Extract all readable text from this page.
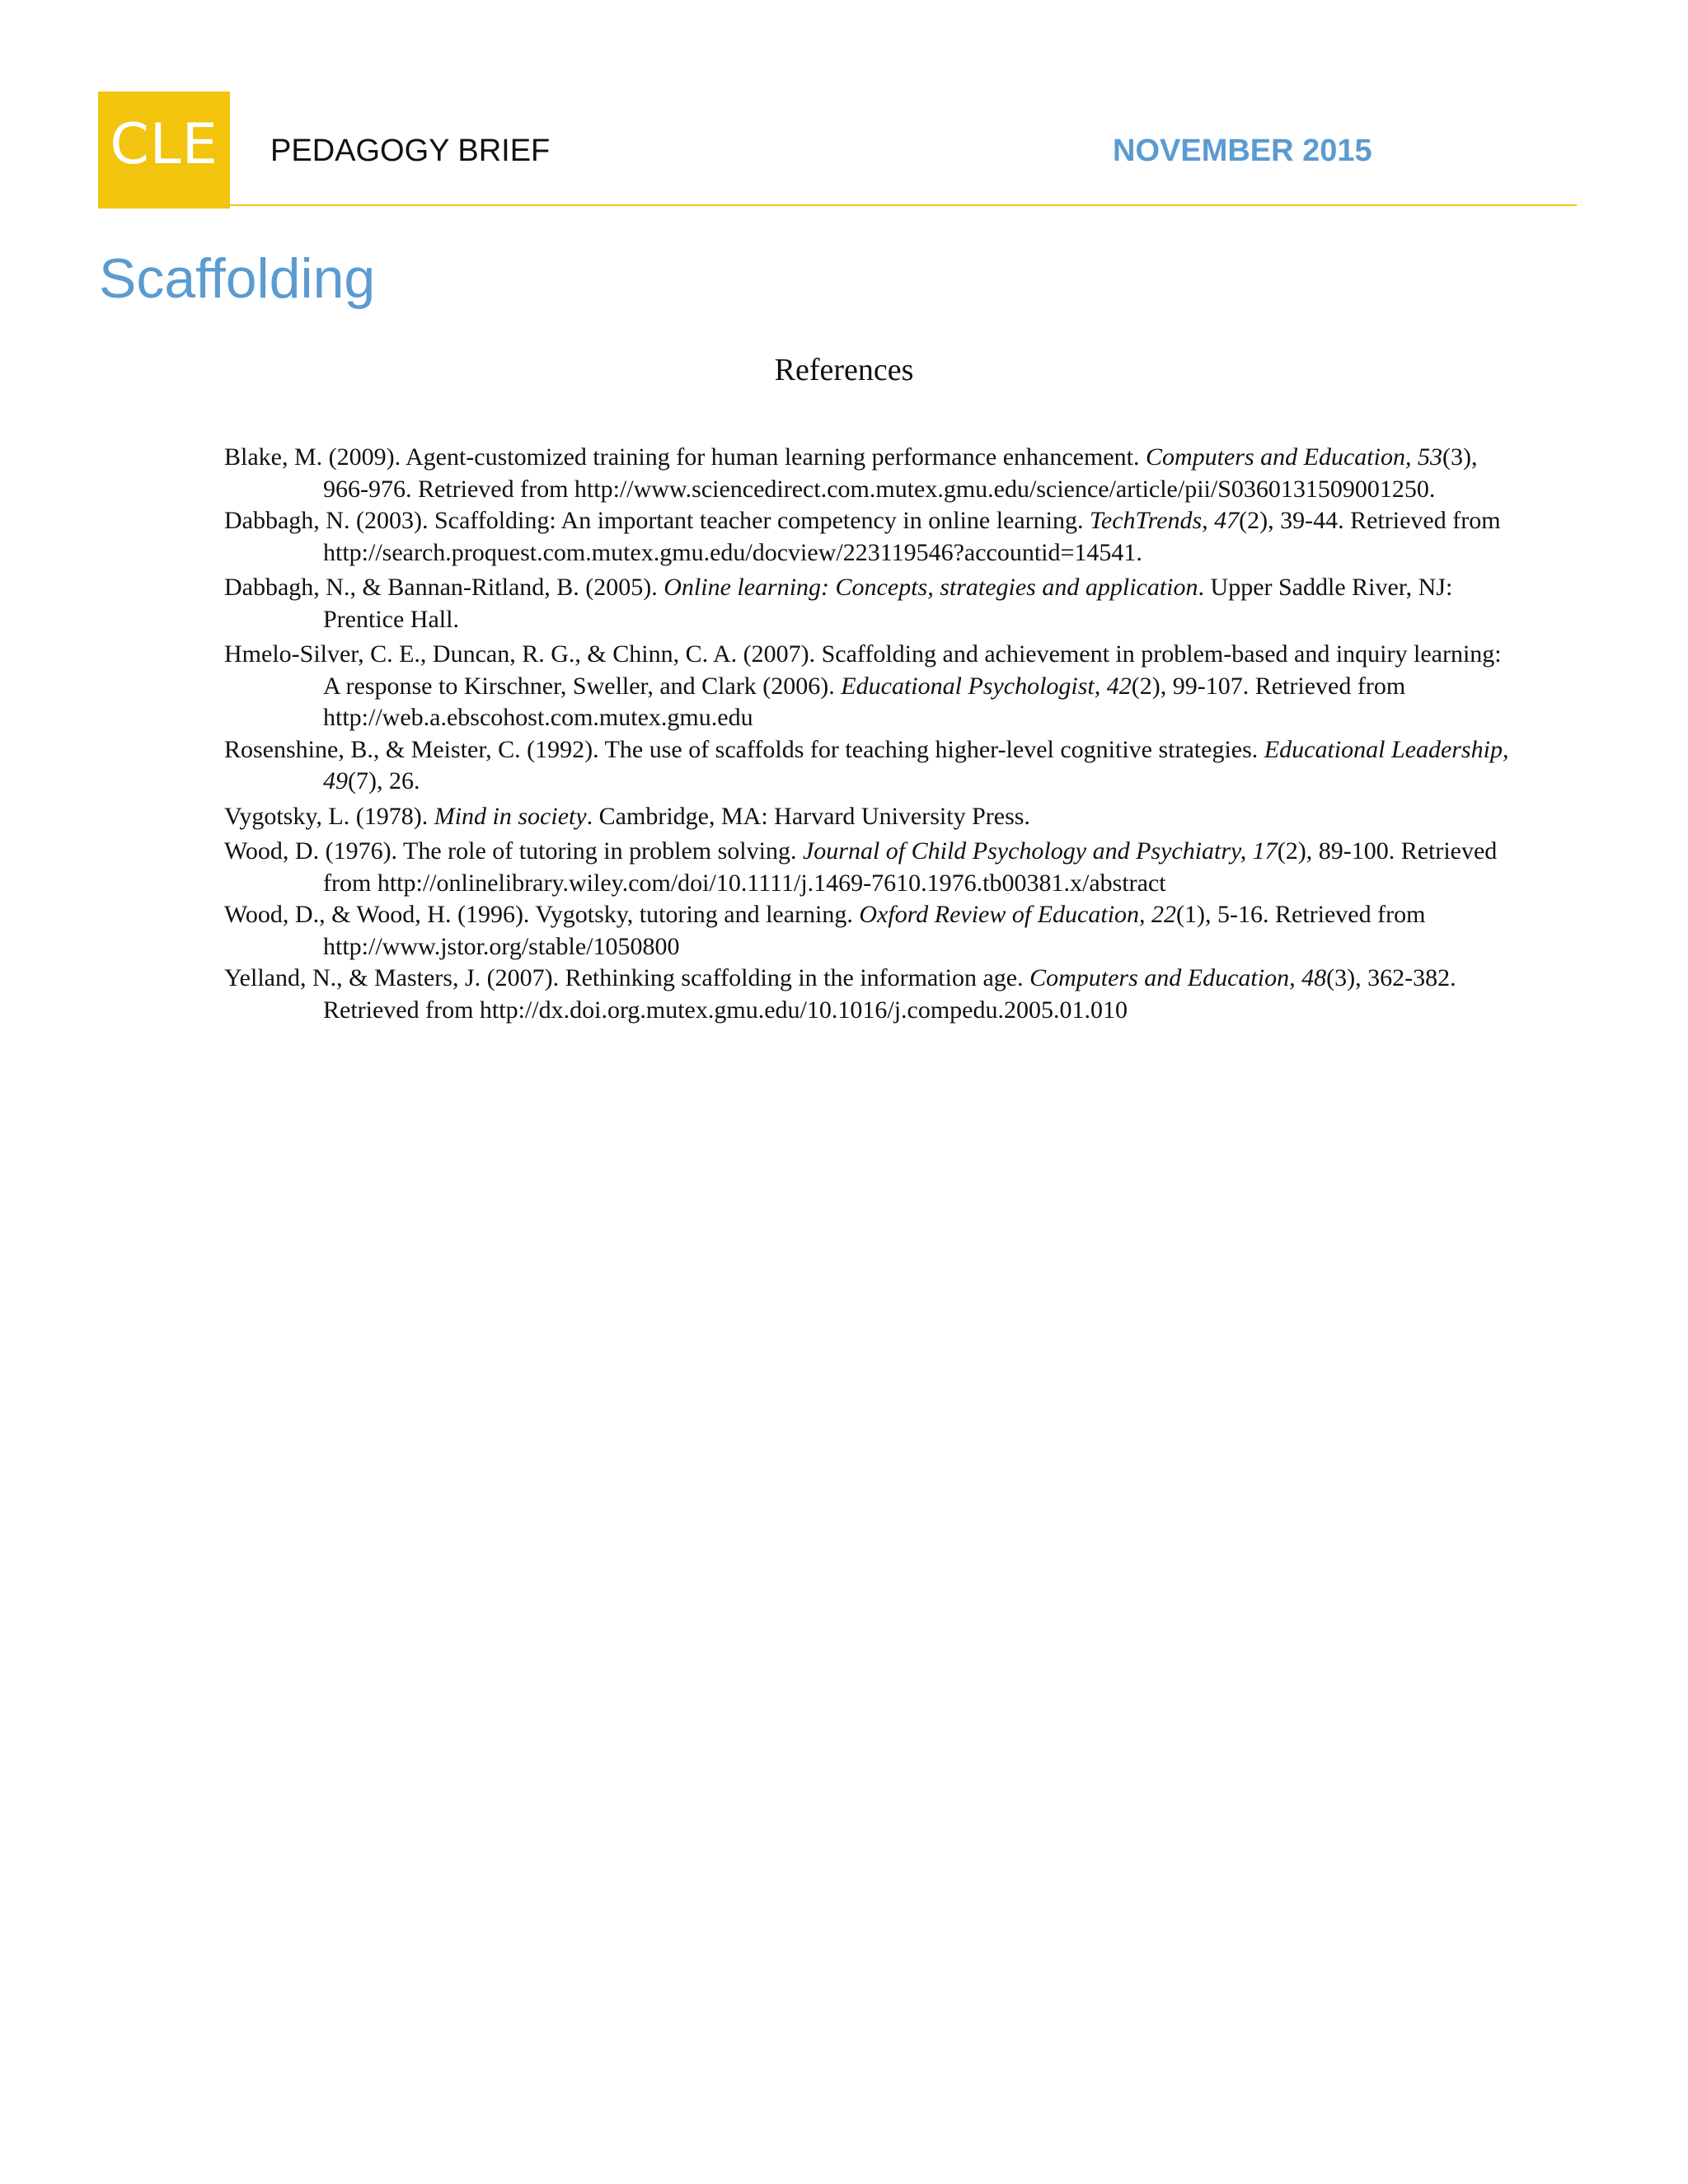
CLE PEDAGOGY BRIEF	NOVEMBER 2015
Scaffolding
References
Blake, M. (2009). Agent-customized training for human learning performance enhancement. Computers and Education, 53(3), 966-976. Retrieved from http://www.sciencedirect.com.mutex.gmu.edu/science/article/pii/S0360131509001250.
Dabbagh, N. (2003). Scaffolding: An important teacher competency in online learning. TechTrends, 47(2), 39-44. Retrieved from http://search.proquest.com.mutex.gmu.edu/docview/223119546?accountid=14541.
Dabbagh, N., & Bannan-Ritland, B. (2005). Online learning: Concepts, strategies and application. Upper Saddle River, NJ: Prentice Hall.
Hmelo-Silver, C. E., Duncan, R. G., & Chinn, C. A. (2007). Scaffolding and achievement in problem-based and inquiry learning: A response to Kirschner, Sweller, and Clark (2006). Educational Psychologist, 42(2), 99-107. Retrieved from http://web.a.ebscohost.com.mutex.gmu.edu
Rosenshine, B., & Meister, C. (1992). The use of scaffolds for teaching higher-level cognitive strategies. Educational Leadership, 49(7), 26.
Vygotsky, L. (1978). Mind in society. Cambridge, MA: Harvard University Press.
Wood, D. (1976). The role of tutoring in problem solving. Journal of Child Psychology and Psychiatry, 17(2), 89-100. Retrieved from http://onlinelibrary.wiley.com/doi/10.1111/j.1469-7610.1976.tb00381.x/abstract
Wood, D., & Wood, H. (1996). Vygotsky, tutoring and learning. Oxford Review of Education, 22(1), 5-16. Retrieved from http://www.jstor.org/stable/1050800
Yelland, N., & Masters, J. (2007). Rethinking scaffolding in the information age. Computers and Education, 48(3), 362-382. Retrieved from http://dx.doi.org.mutex.gmu.edu/10.1016/j.compedu.2005.01.010
